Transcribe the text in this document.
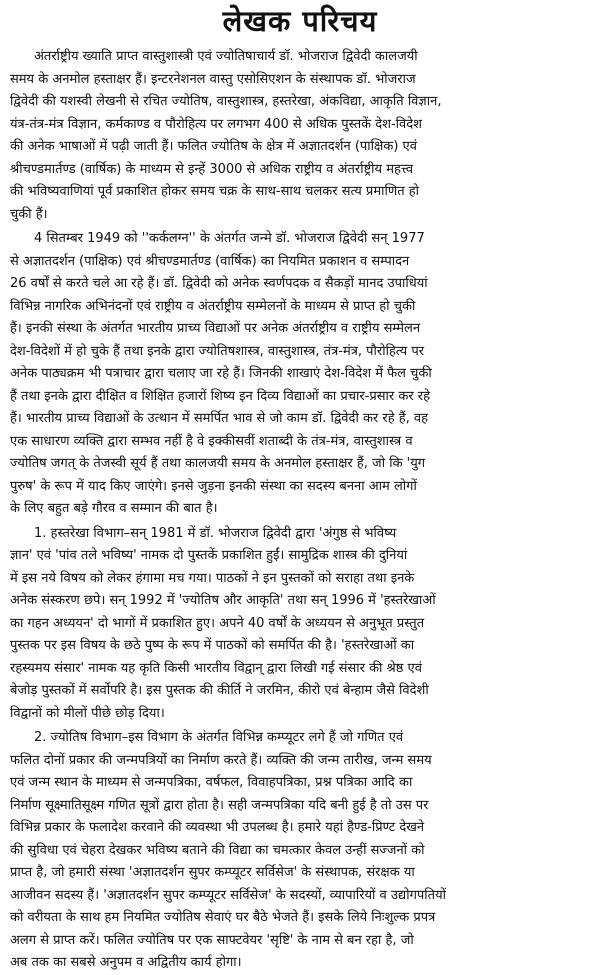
लेखक परिचय
अंतर्राष्ट्रीय ख्याति प्राप्त वास्तुशास्त्री एवं ज्योतिषाचार्य डॉ. भोजराज द्विवेदी कालजयी
समय के अनमोल हस्ताक्षर हैं। इन्टरनेशनल वास्तु एसोसिएशन के संस्थापक डॉ. भोजराज
द्विवेदी की यशस्वी लेखनी से रचित ज्योतिष, वास्तुशास्त्र, हस्तरेखा, अंकविद्या, आकृति विज्ञान,
यंत्र-तंत्र-मंत्र विज्ञान, कर्मकाण्ड व पौरोहित्य पर लगभग 400 से अधिक पुस्तकें देश-विदेश
की अनेक भाषाओं में पढ़ी जाती हैं। फलित ज्योतिष के क्षेत्र में अज्ञातदर्शन (पाक्षिक) एवं
श्रीचण्डमार्तण्ड (वार्षिक) के माध्यम से इन्हें 3000 से अधिक राष्ट्रीय व अंतर्राष्ट्रीय महत्त्व
की भविष्यवाणियां पूर्व प्रकाशित होकर समय चक्र के साथ-साथ चलकर सत्य प्रमाणित हो
चुकी हैं।
4 सितम्बर 1949 को ''कर्कलग्न'' के अंतर्गत जन्मे डॉ. भोजराज द्विवेदी सन् 1977
से अज्ञातदर्शन (पाक्षिक) एवं श्रीचण्डमार्तण्ड (वार्षिक) का नियमित प्रकाशन व सम्पादन
26 वर्षों से करते चले आ रहे हैं। डॉ. द्विवेदी को अनेक स्वर्णपदक व सैकड़ों मानद उपाधियां
विभिन्न नागरिक अभिनंदनों एवं राष्ट्रीय व अंतर्राष्ट्रीय सम्मेलनों के माध्यम से प्राप्त हो चुकी
हैं। इनकी संस्था के अंतर्गत भारतीय प्राच्य विद्याओं पर अनेक अंतर्राष्ट्रीय व राष्ट्रीय सम्मेलन
देश-विदेशों में हो चुके हैं तथा इनके द्वारा ज्योतिषशास्त्र, वास्तुशास्त्र, तंत्र-मंत्र, पौरोहित्य पर
अनेक पाठ्यक्रम भी पत्राचार द्वारा चलाए जा रहे हैं। जिनकी शाखाएं देश-विदेश में फैल चुकी
हैं तथा इनके द्वारा दीक्षित व शिक्षित हजारों शिष्य इन दिव्य विद्याओं का प्रचार-प्रसार कर रहे
हैं। भारतीय प्राच्य विद्याओं के उत्थान में समर्पित भाव से जो काम डॉ. द्विवेदी कर रहे हैं, वह
एक साधारण व्यक्ति द्वारा सम्भव नहीं है वे इक्कीसवीं शताब्दी के तंत्र-मंत्र, वास्तुशास्त्र व
ज्योतिष जगत् के तेजस्वी सूर्य हैं तथा कालजयी समय के अनमोल हस्ताक्षर हैं, जो कि 'युग
पुरुष' के रूप में याद किए जाएंगे। इनसे जुड़ना इनकी संस्था का सदस्य बनना आम लोगों
के लिए बहुत बड़े गौरव व सम्मान की बात है।
1. हस्तरेखा विभाग–सन् 1981 में डॉ. भोजराज द्विवेदी द्वारा 'अंगुष्ठ से भविष्य
ज्ञान' एवं 'पांव तले भविष्य' नामक दो पुस्तकें प्रकाशित हुईं। सामुद्रिक शास्त्र की दुनियां
में इस नये विषय को लेकर हंगामा मच गया। पाठकों ने इन पुस्तकों को सराहा तथा इनके
अनेक संस्करण छपे। सन् 1992 में 'ज्योतिष और आकृति' तथा सन् 1996 में 'हस्तरेखाओं
का गहन अध्ययन' दो भागों में प्रकाशित हुए। अपने 40 वर्षों के अध्ययन से अनुभूत प्रस्तुत
पुस्तक पर इस विषय के छठे पुष्प के रूप में पाठकों को समर्पित की है। 'हस्तरेखाओं का
रहस्यमय संसार' नामक यह कृति किसी भारतीय विद्वान् द्वारा लिखी गई संसार की श्रेष्ठ एवं
बेजोड़ पुस्तकों में सर्वोपरि है। इस पुस्तक की कीर्ति ने जरमिन, कीरो एवं बेन्हाम जैसे विदेशी
विद्वानों को मीलों पीछे छोड़ दिया।
2. ज्योतिष विभाग–इस विभाग के अंतर्गत विभिन्न कम्प्यूटर लगे हैं जो गणित एवं
फलित दोनों प्रकार की जन्मपत्रियों का निर्माण करते हैं। व्यक्ति की जन्म तारीख, जन्म समय
एवं जन्म स्थान के माध्यम से जन्मपत्रिका, वर्षफल, विवाहपत्रिका, प्रश्न पत्रिका आदि का
निर्माण सूक्ष्मातिसूक्ष्म गणित सूत्रों द्वारा होता है। सही जन्मपत्रिका यदि बनी हुई है तो उस पर
विभिन्न प्रकार के फलादेश करवाने की व्यवस्था भी उपलब्ध है। हमारे यहां हैण्ड-प्रिण्ट देखने
की सुविधा एवं चेहरा देखकर भविष्य बताने की विद्या का चमत्कार केवल उन्हीं सज्जनों को
प्राप्त है, जो हमारी संस्था 'अज्ञातदर्शन सुपर कम्प्यूटर सर्विसेज' के संस्थापक, संरक्षक या
आजीवन सदस्य हैं। 'अज्ञातदर्शन सुपर कम्प्यूटर सर्विसेज' के सदस्यों, व्यापारियों व उद्योगपतियों
को वरीयता के साथ हम नियमित ज्योतिष सेवाएं घर बैठे भेजते हैं। इसके लिये निःशुल्क प्रपत्र
अलग से प्राप्त करें। फलित ज्योतिष पर एक साफ्टवेयर 'सृष्टि' के नाम से बन रहा है, जो
अब तक का सबसे अनुपम व अद्वितीय कार्य होगा।
